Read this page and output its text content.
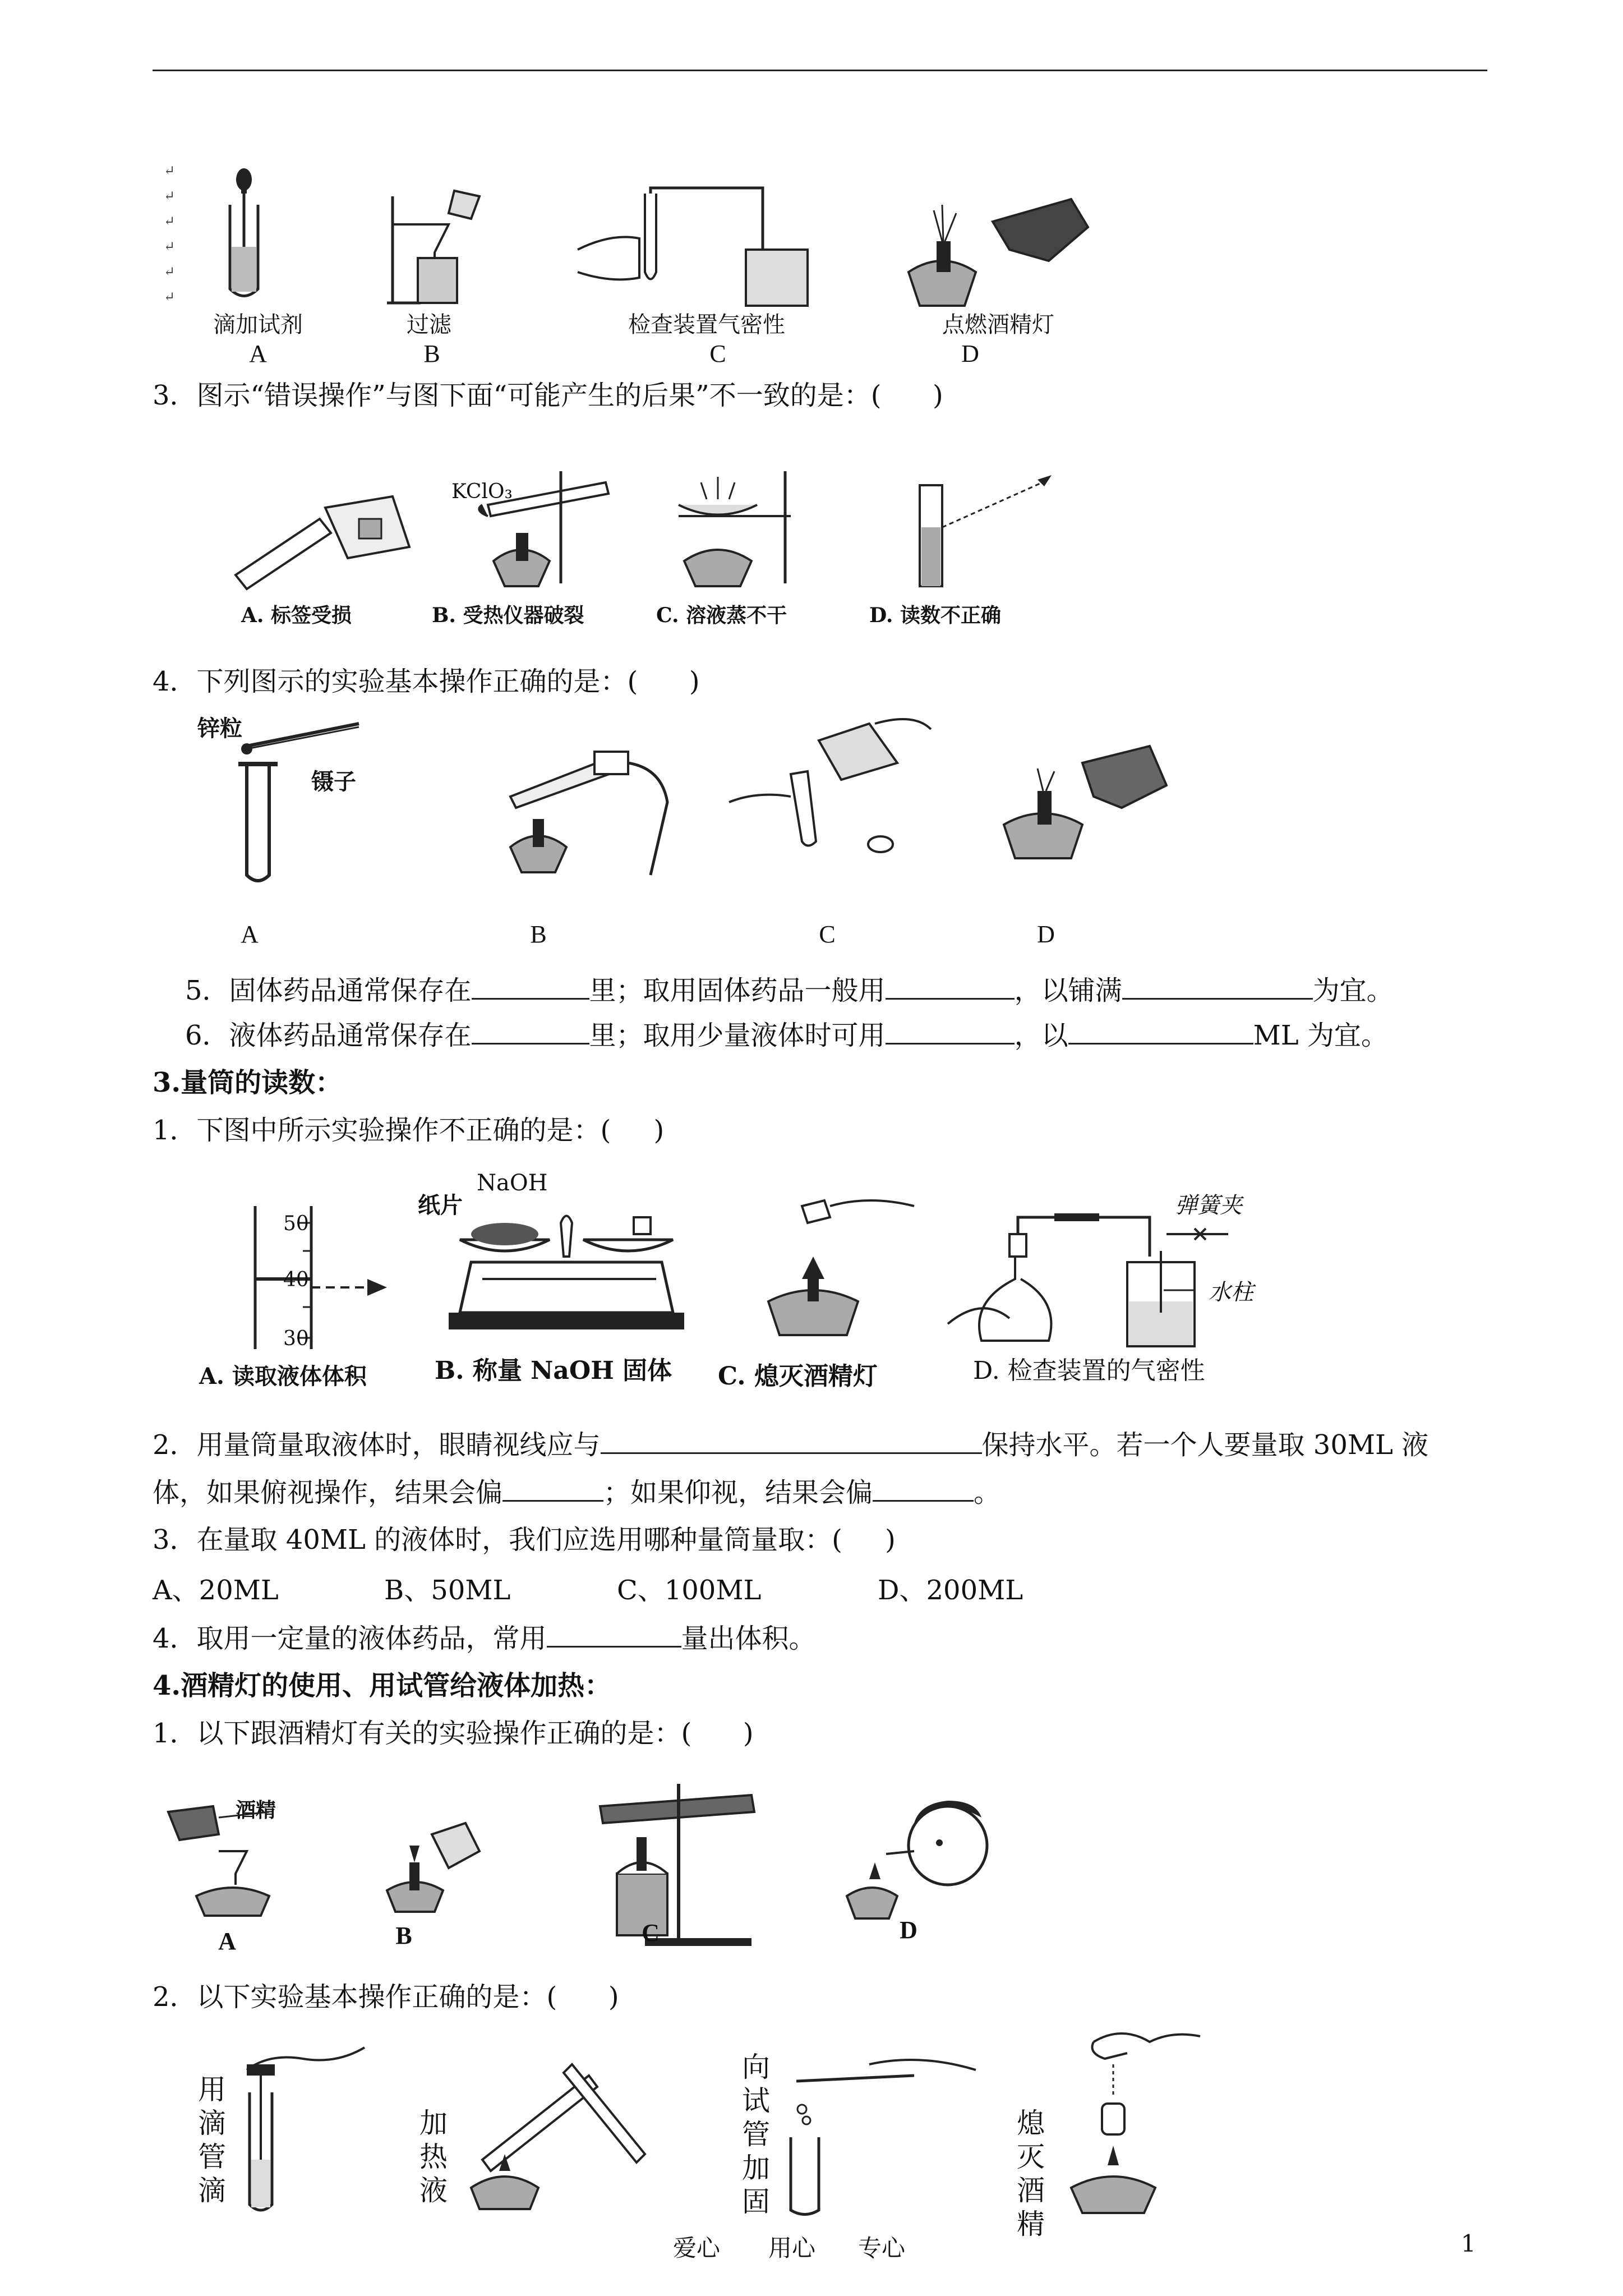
↵
↵
↵
↵
↵
↵
滴加试剂	过滤	检查装置气密性	点燃酒精灯
A	B	C	D
3．图示“错误操作”与图下面“可能产生的后果”不一致的是：(      )
KClO₃
A. 标签受损	B. 受热仪器破裂	C. 溶液蒸不干	D. 读数不正确
4．下列图示的实验基本操作正确的是：(      )
锌粒
镊子
A	B	C	D
5．固体药品通常保存在	里；取用固体药品一般用	，以铺满	为宜。
6．液体药品通常保存在	里；取用少量液体时可用	，以	ML 为宜。
3.量筒的读数：
1．下图中所示实验操作不正确的是：(     )
50
40
30
纸片
NaOH
弹簧夹
水柱
A. 读取液体体积	B. 称量 NaOH 固体 C. 熄灭酒精灯	D. 检查装置的气密性
2．用量筒量取液体时，眼睛视线应与	保持水平。若一个人要量取 30ML 液
体，如果俯视操作，结果会偏	；如果仰视，结果会偏	。
3．在量取 40ML 的液体时，我们应选用哪种量筒量取：(     )
A、20ML	B、50ML	C、100ML	D、200ML
4．取用一定量的液体药品，常用	量出体积。
4.酒精灯的使用、用试管给液体加热：
1．以下跟酒精灯有关的实验操作正确的是：(      )
酒精
A	B	C	D
2．以下实验基本操作正确的是：(      )
用滴管滴
加热液
向试管加固
熄灭酒精
爱心 用心 专心	1
